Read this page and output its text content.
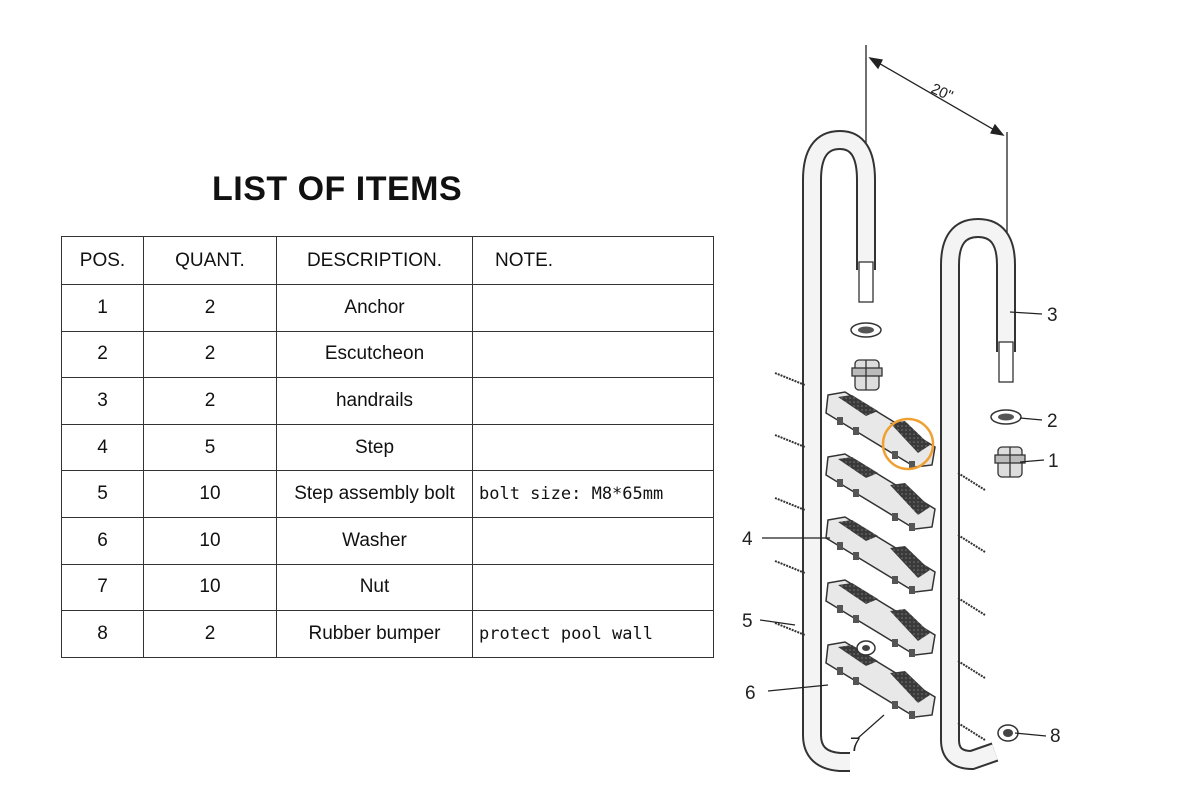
LIST OF ITEMS
POS.	QUANT.	DESCRIPTION.	NOTE.
1	2	Anchor	
2	2	Escutcheon	
3	2	handrails	
4	5	Step	
5	10	Step assembly bolt	bolt size: M8*65mm
6	10	Washer	
7	10	Nut	
8	2	Rubber bumper	protect pool wall
20"
1
2
3
4
5
6
7	8
